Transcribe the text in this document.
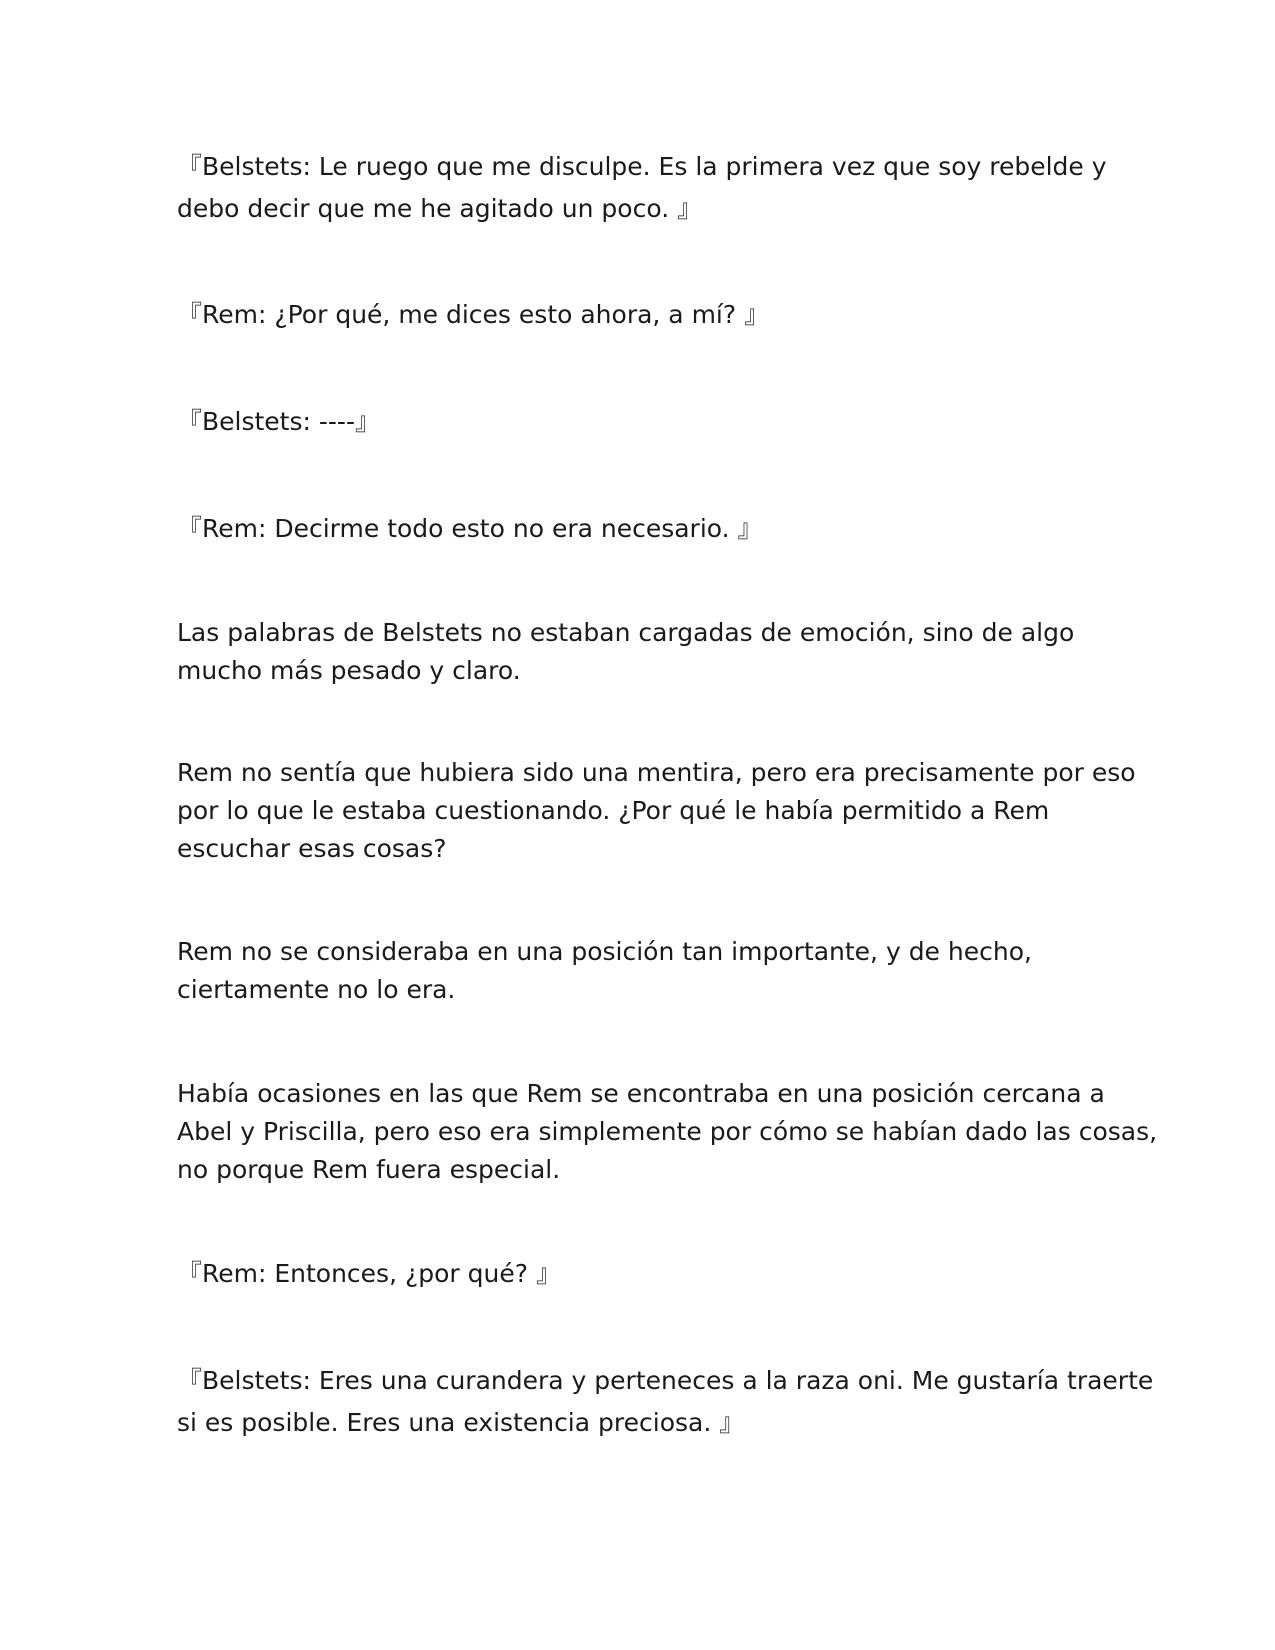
『Belstets: Le ruego que me disculpe. Es la primera vez que soy rebelde y
debo decir que me he agitado un poco. 』

『Rem: ¿Por qué, me dices esto ahora, a mí? 』

『Belstets: ----』

『Rem: Decirme todo esto no era necesario. 』

Las palabras de Belstets no estaban cargadas de emoción, sino de algo
mucho más pesado y claro.

Rem no sentía que hubiera sido una mentira, pero era precisamente por eso
por lo que le estaba cuestionando. ¿Por qué le había permitido a Rem
escuchar esas cosas?

Rem no se consideraba en una posición tan importante, y de hecho,
ciertamente no lo era.

Había ocasiones en las que Rem se encontraba en una posición cercana a
Abel y Priscilla, pero eso era simplemente por cómo se habían dado las cosas,
no porque Rem fuera especial.

『Rem: Entonces, ¿por qué? 』

『Belstets: Eres una curandera y perteneces a la raza oni. Me gustaría traerte
si es posible. Eres una existencia preciosa. 』
